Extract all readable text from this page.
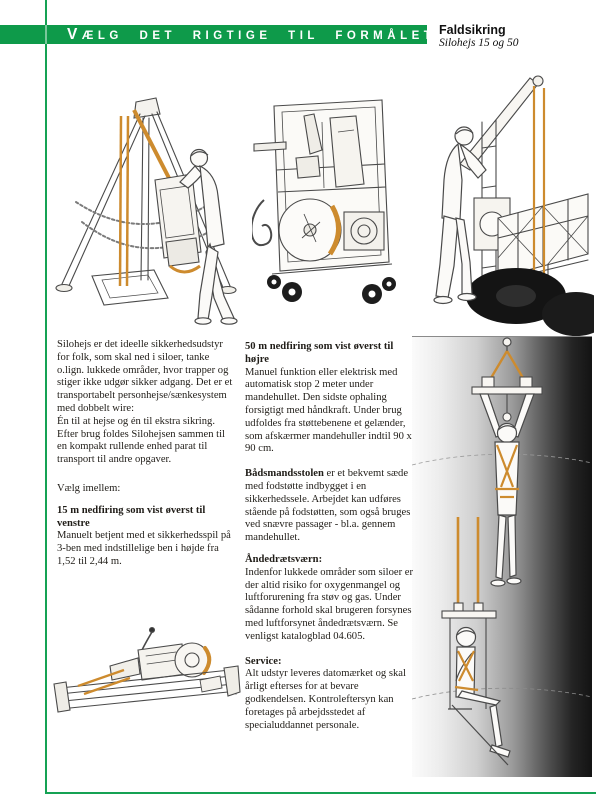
VÆLG DET RIGTIGE TIL FORMÅLET Faldsikring
Silohejs 15 og 50

Silohejs er det ideelle sikkerhedsudstyr for folk, som skal ned i siloer, tanke o.lign. lukkede områder, hvor trapper og stiger ikke udgør sikker adgang. Det er et transportabelt personhejse/sænkesystem med dobbelt wire:

Én til at hejse og én til ekstra sikring. Efter brug foldes Silohejsen sammen til en kompakt rullende enhed parat til transport til andre opgaver.

Vælg imellem:

15 m nedfiring som vist øverst til venstre

Manuelt betjent med et sikkerhedsspil på 3-ben med indstillelige ben i højde fra 1,52 til 2,44 m.

50 m nedfiring som vist øverst til højre

Manuel funktion eller elektrisk med automatisk stop 2 meter under mandehullet. Den sidste ophaling forsigtigt med håndkraft. Under brug udfoldes fra støttebenene et gelænder, som afskærmer mandehuller indtil 90 x 90 cm.

Bådsmandsstolen er et bekvemt sæde med fodstøtte indbygget i en sikkerhedssele. Arbejdet kan udføres stående på fodstøtten, som også bruges ved snævre passager - bl.a. gennem mandehullet.

Åndedrætsværn:

Indenfor lukkede områder som siloer er der altid risiko for oxygenmangel og luftforurening fra støv og gas. Under sådanne forhold skal brugeren forsynes med luftforsynet åndedrætsværn. Se venligst katalogblad 04.605.

Service:

Alt udstyr leveres datomærket og skal årligt efterses for at bevare godkendelsen. Kontroleftersyn kan foretages på arbejdsstedet af specialuddannet personale.
